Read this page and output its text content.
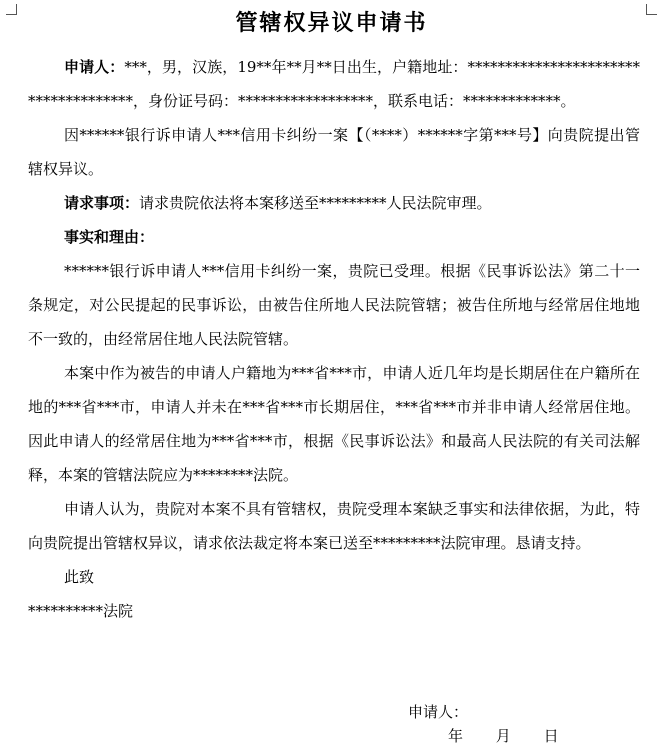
管辖权异议申请书

申请人：***，男，汉族，19**年**月**日出生，户籍地址：*************************************，身份证号码：******************，联系电话：*************。

因******银行诉申请人***信用卡纠纷一案【（****）******字第***号】向贵院提出管辖权异议。

请求事项：请求贵院依法将本案移送至*********人民法院审理。

事实和理由：

******银行诉申请人***信用卡纠纷一案，贵院已受理。根据《民事诉讼法》第二十一条规定，对公民提起的民事诉讼，由被告住所地人民法院管辖；被告住所地与经常居住地地不一致的，由经常居住地人民法院管辖。

本案中作为被告的申请人户籍地为***省***市，申请人近几年均是长期居住在户籍所在地的***省***市，申请人并未在***省***市长期居住，***省***市并非申请人经常居住地。因此申请人的经常居住地为***省***市，根据《民事诉讼法》和最高人民法院的有关司法解释，本案的管辖法院应为********法院。

申请人认为，贵院对本案不具有管辖权，贵院受理本案缺乏事实和法律依据，为此，特向贵院提出管辖权异议，请求依法裁定将本案已送至*********法院审理。恳请支持。

此致

**********法院

申请人：
年 月 日
